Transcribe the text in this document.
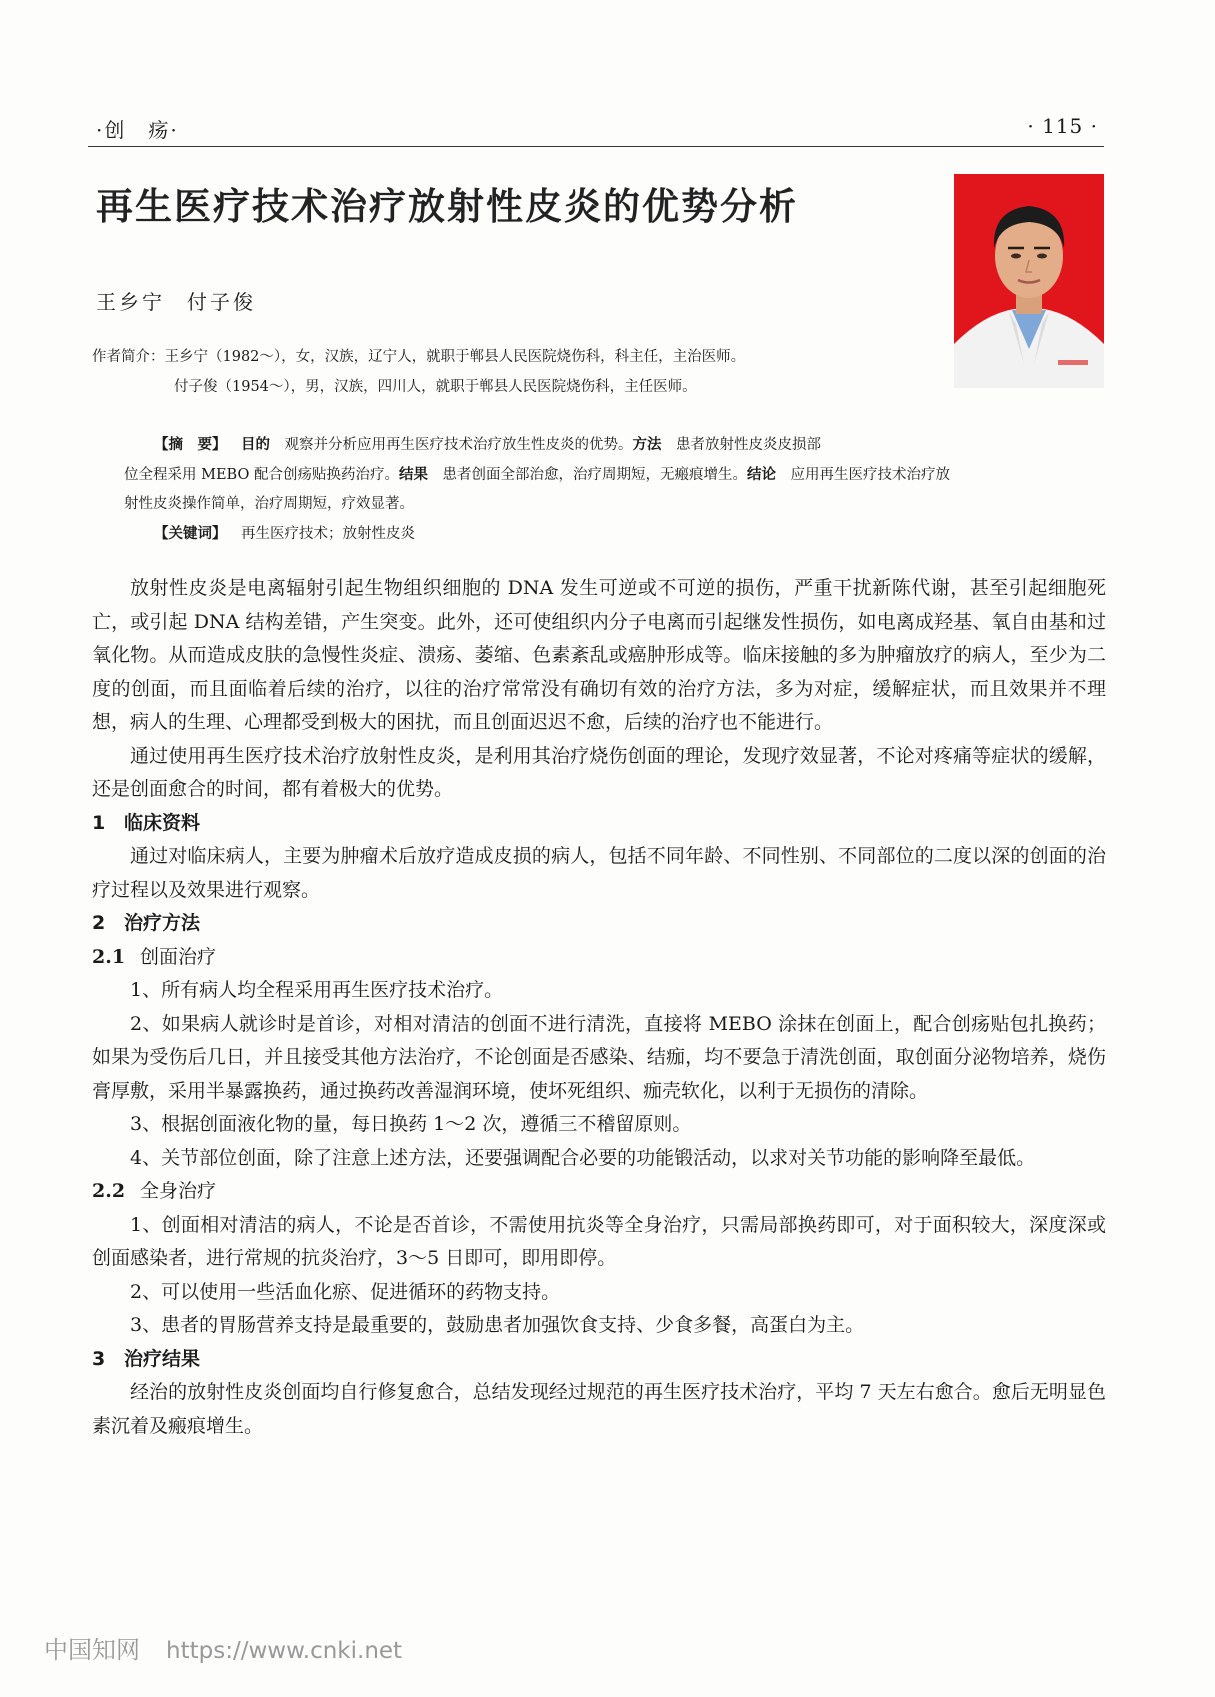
·创　疡·	· 115 ·
再生医疗技术治疗放射性皮炎的优势分析
王乡宁 付子俊
作者简介：王乡宁（1982～），女，汉族，辽宁人，就职于郸县人民医院烧伤科，科主任，主治医师。
付子俊（1954～），男，汉族，四川人，就职于郸县人民医院烧伤科，主任医师。
【摘　要】  目的  观察并分析应用再生医疗技术治疗放生性皮炎的优势。方法  患者放射性皮炎皮损部
位全程采用 MEBO 配合创疡贴换药治疗。结果  患者创面全部治愈，治疗周期短，无瘢痕增生。结论  应用再生医疗技术治疗放
射性皮炎操作简单，治疗周期短，疗效显著。
【关键词】  再生医疗技术；放射性皮炎

放射性皮炎是电离辐射引起生物组织细胞的 DNA 发生可逆或不可逆的损伤，严重干扰新陈代谢，甚至引起细胞死亡，或引起 DNA 结构差错，产生突变。此外，还可使组织内分子电离而引起继发性损伤，如电离成羟基、氧自由基和过氧化物。从而造成皮肤的急慢性炎症、溃疡、萎缩、色素紊乱或癌肿形成等。临床接触的多为肿瘤放疗的病人，至少为二度的创面，而且面临着后续的治疗，以往的治疗常常没有确切有效的治疗方法，多为对症，缓解症状，而且效果并不理想，病人的生理、心理都受到极大的困扰，而且创面迟迟不愈，后续的治疗也不能进行。

通过使用再生医疗技术治疗放射性皮炎，是利用其治疗烧伤创面的理论，发现疗效显著，不论对疼痛等症状的缓解，还是创面愈合的时间，都有着极大的优势。

1 临床资料

通过对临床病人，主要为肿瘤术后放疗造成皮损的病人，包括不同年龄、不同性别、不同部位的二度以深的创面的治疗过程以及效果进行观察。

2 治疗方法
2.1 创面治疗

1、所有病人均全程采用再生医疗技术治疗。

2、如果病人就诊时是首诊，对相对清洁的创面不进行清洗，直接将 MEBO 涂抹在创面上，配合创疡贴包扎换药；如果为受伤后几日，并且接受其他方法治疗，不论创面是否感染、结痂，均不要急于清洗创面，取创面分泌物培养，烧伤膏厚敷，采用半暴露换药，通过换药改善湿润环境，使坏死组织、痂壳软化，以利于无损伤的清除。

3、根据创面液化物的量，每日换药 1～2 次，遵循三不稽留原则。

4、关节部位创面，除了注意上述方法，还要强调配合必要的功能锻活动，以求对关节功能的影响降至最低。

2.2 全身治疗

1、创面相对清洁的病人，不论是否首诊，不需使用抗炎等全身治疗，只需局部换药即可，对于面积较大，深度深或创面感染者，进行常规的抗炎治疗，3～5 日即可，即用即停。

2、可以使用一些活血化瘀、促进循环的药物支持。

3、患者的胃肠营养支持是最重要的，鼓励患者加强饮食支持、少食多餐，高蛋白为主。

3 治疗结果

经治的放射性皮炎创面均自行修复愈合，总结发现经过规范的再生医疗技术治疗，平均 7 天左右愈合。愈后无明显色素沉着及瘢痕增生。

中国知网 https://www.cnki.net
